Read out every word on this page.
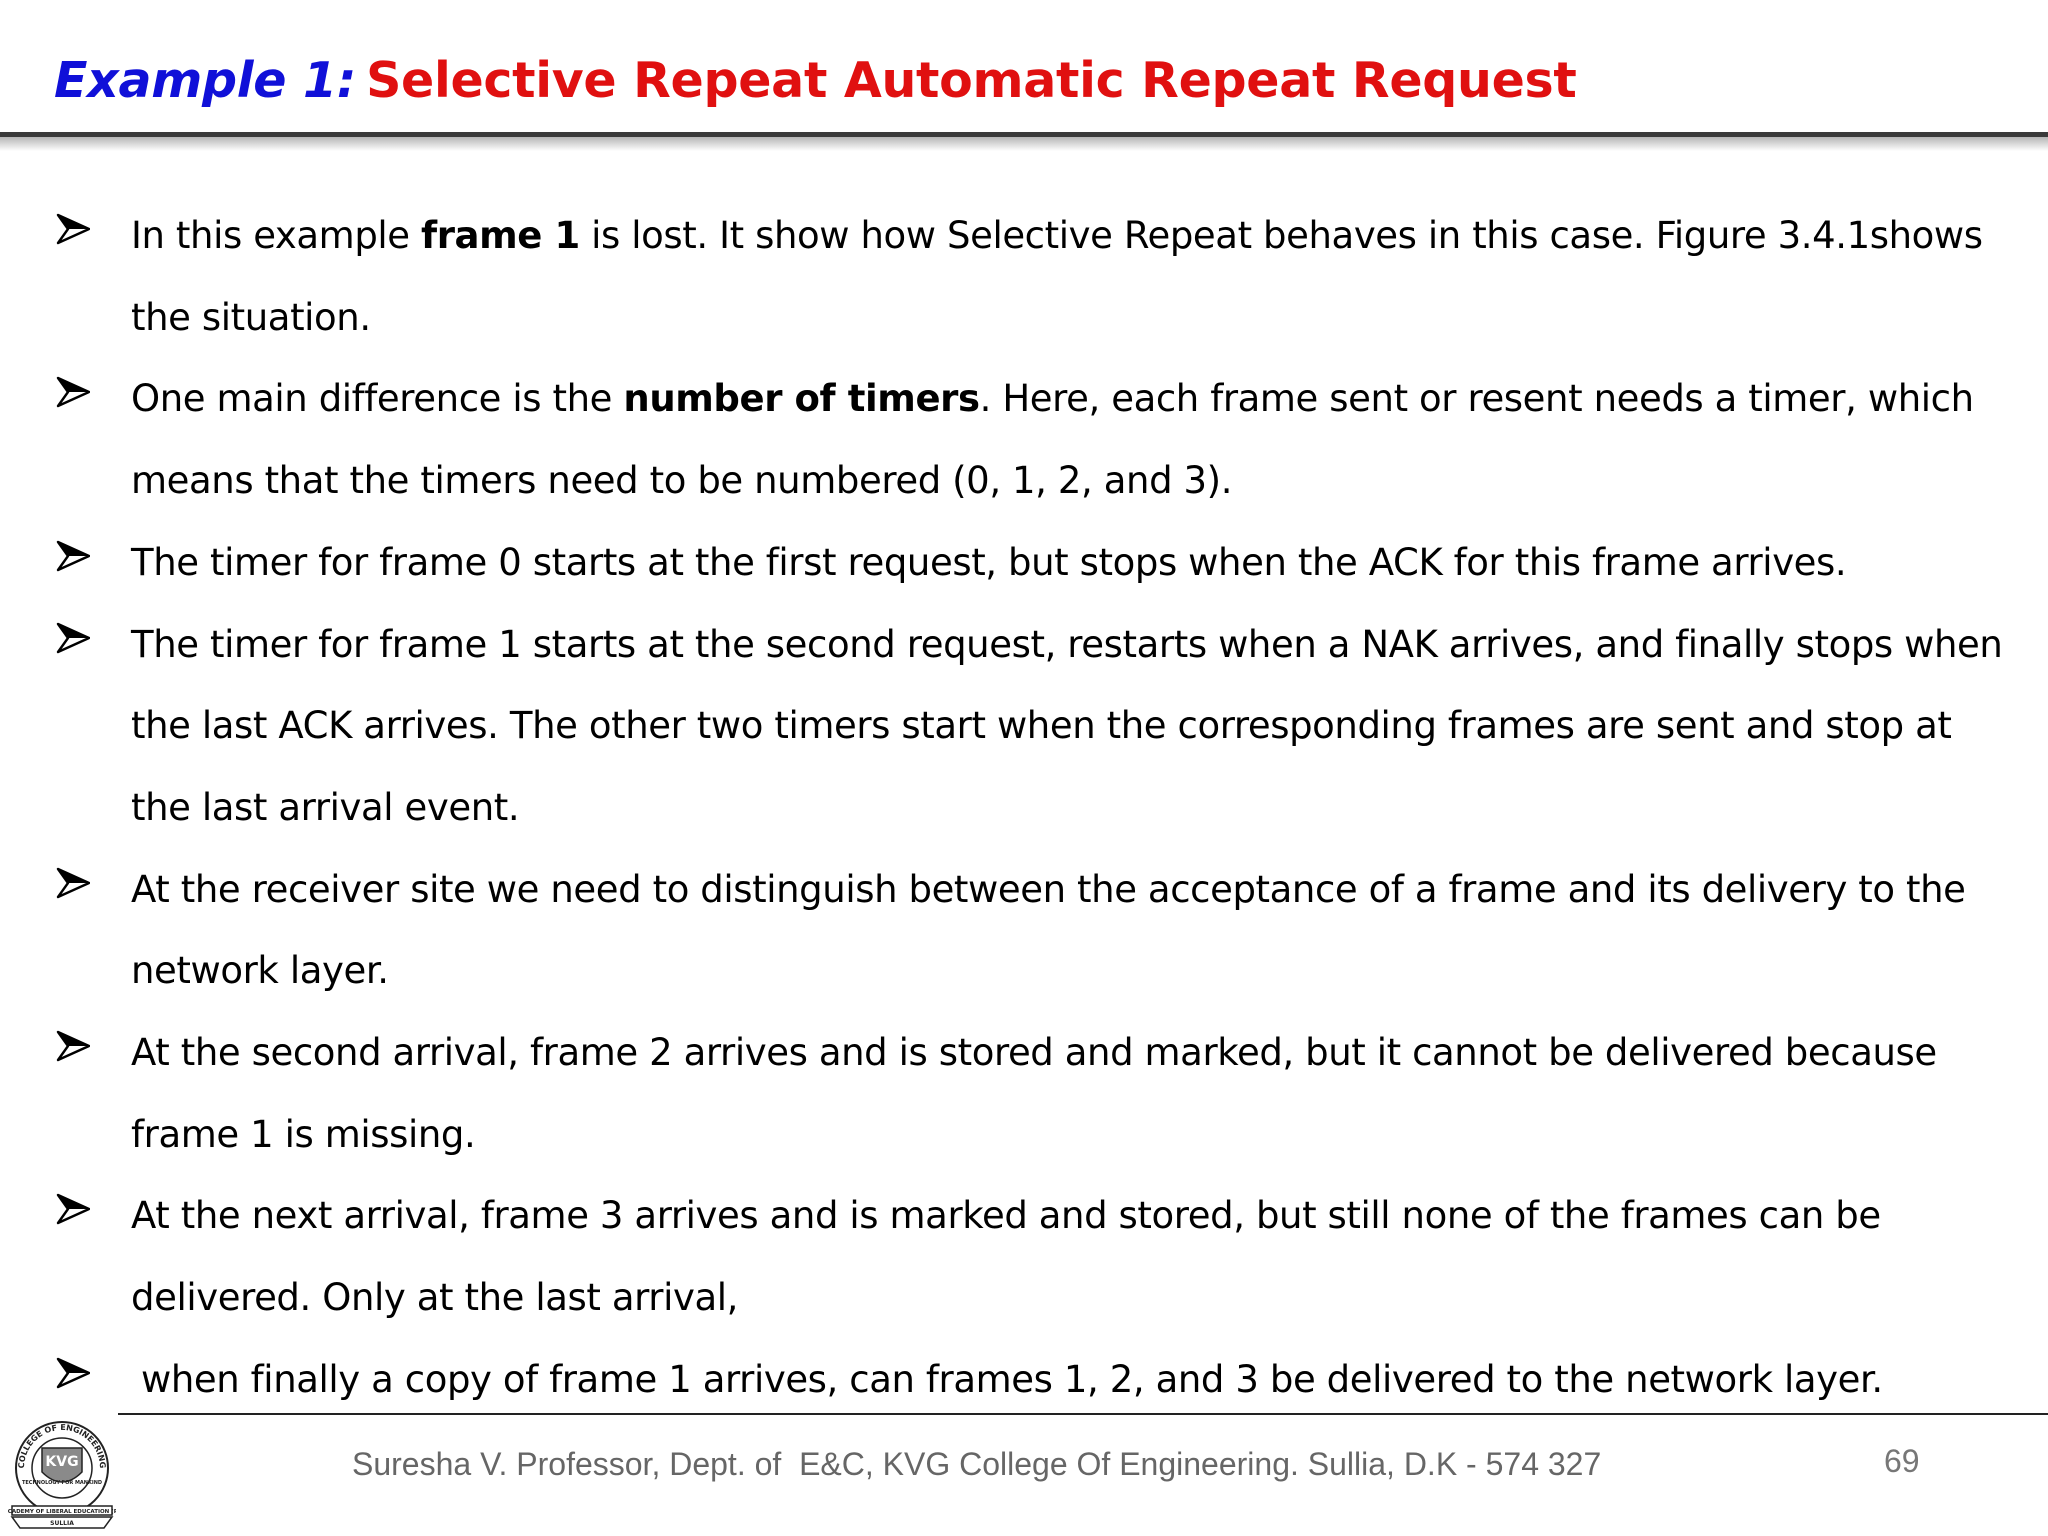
Example 1: Selective Repeat Automatic Repeat Request
In this example frame 1 is lost. It show how Selective Repeat behaves in this case. Figure 3.4.1shows the situation.
One main difference is the number of timers. Here, each frame sent or resent needs a timer, which means that the timers need to be numbered (0, 1, 2, and 3).
The timer for frame 0 starts at the first request, but stops when the ACK for this frame arrives.
The timer for frame 1 starts at the second request, restarts when a NAK arrives, and finally stops when the last ACK arrives. The other two timers start when the corresponding frames are sent and stop at the last arrival event.
At the receiver site we need to distinguish between the acceptance of a frame and its delivery to the network layer.
At the second arrival, frame 2 arrives and is stored and marked, but it cannot be delivered because frame 1 is missing.
At the next arrival, frame 3 arrives and is marked and stored, but still none of the frames can be delivered. Only at the last arrival,
when finally a copy of frame 1 arrives, can frames 1, 2, and 3 be delivered to the network layer.
COLLEGE OF ENGINEERING
KVG
TECHNOLOGY FOR MANKIND
ACADEMY OF LIBERAL EDUCATION (R)
SULLIA
Suresha V. Professor, Dept. of  E&C, KVG College Of Engineering. Sullia, D.K - 574 327	69
